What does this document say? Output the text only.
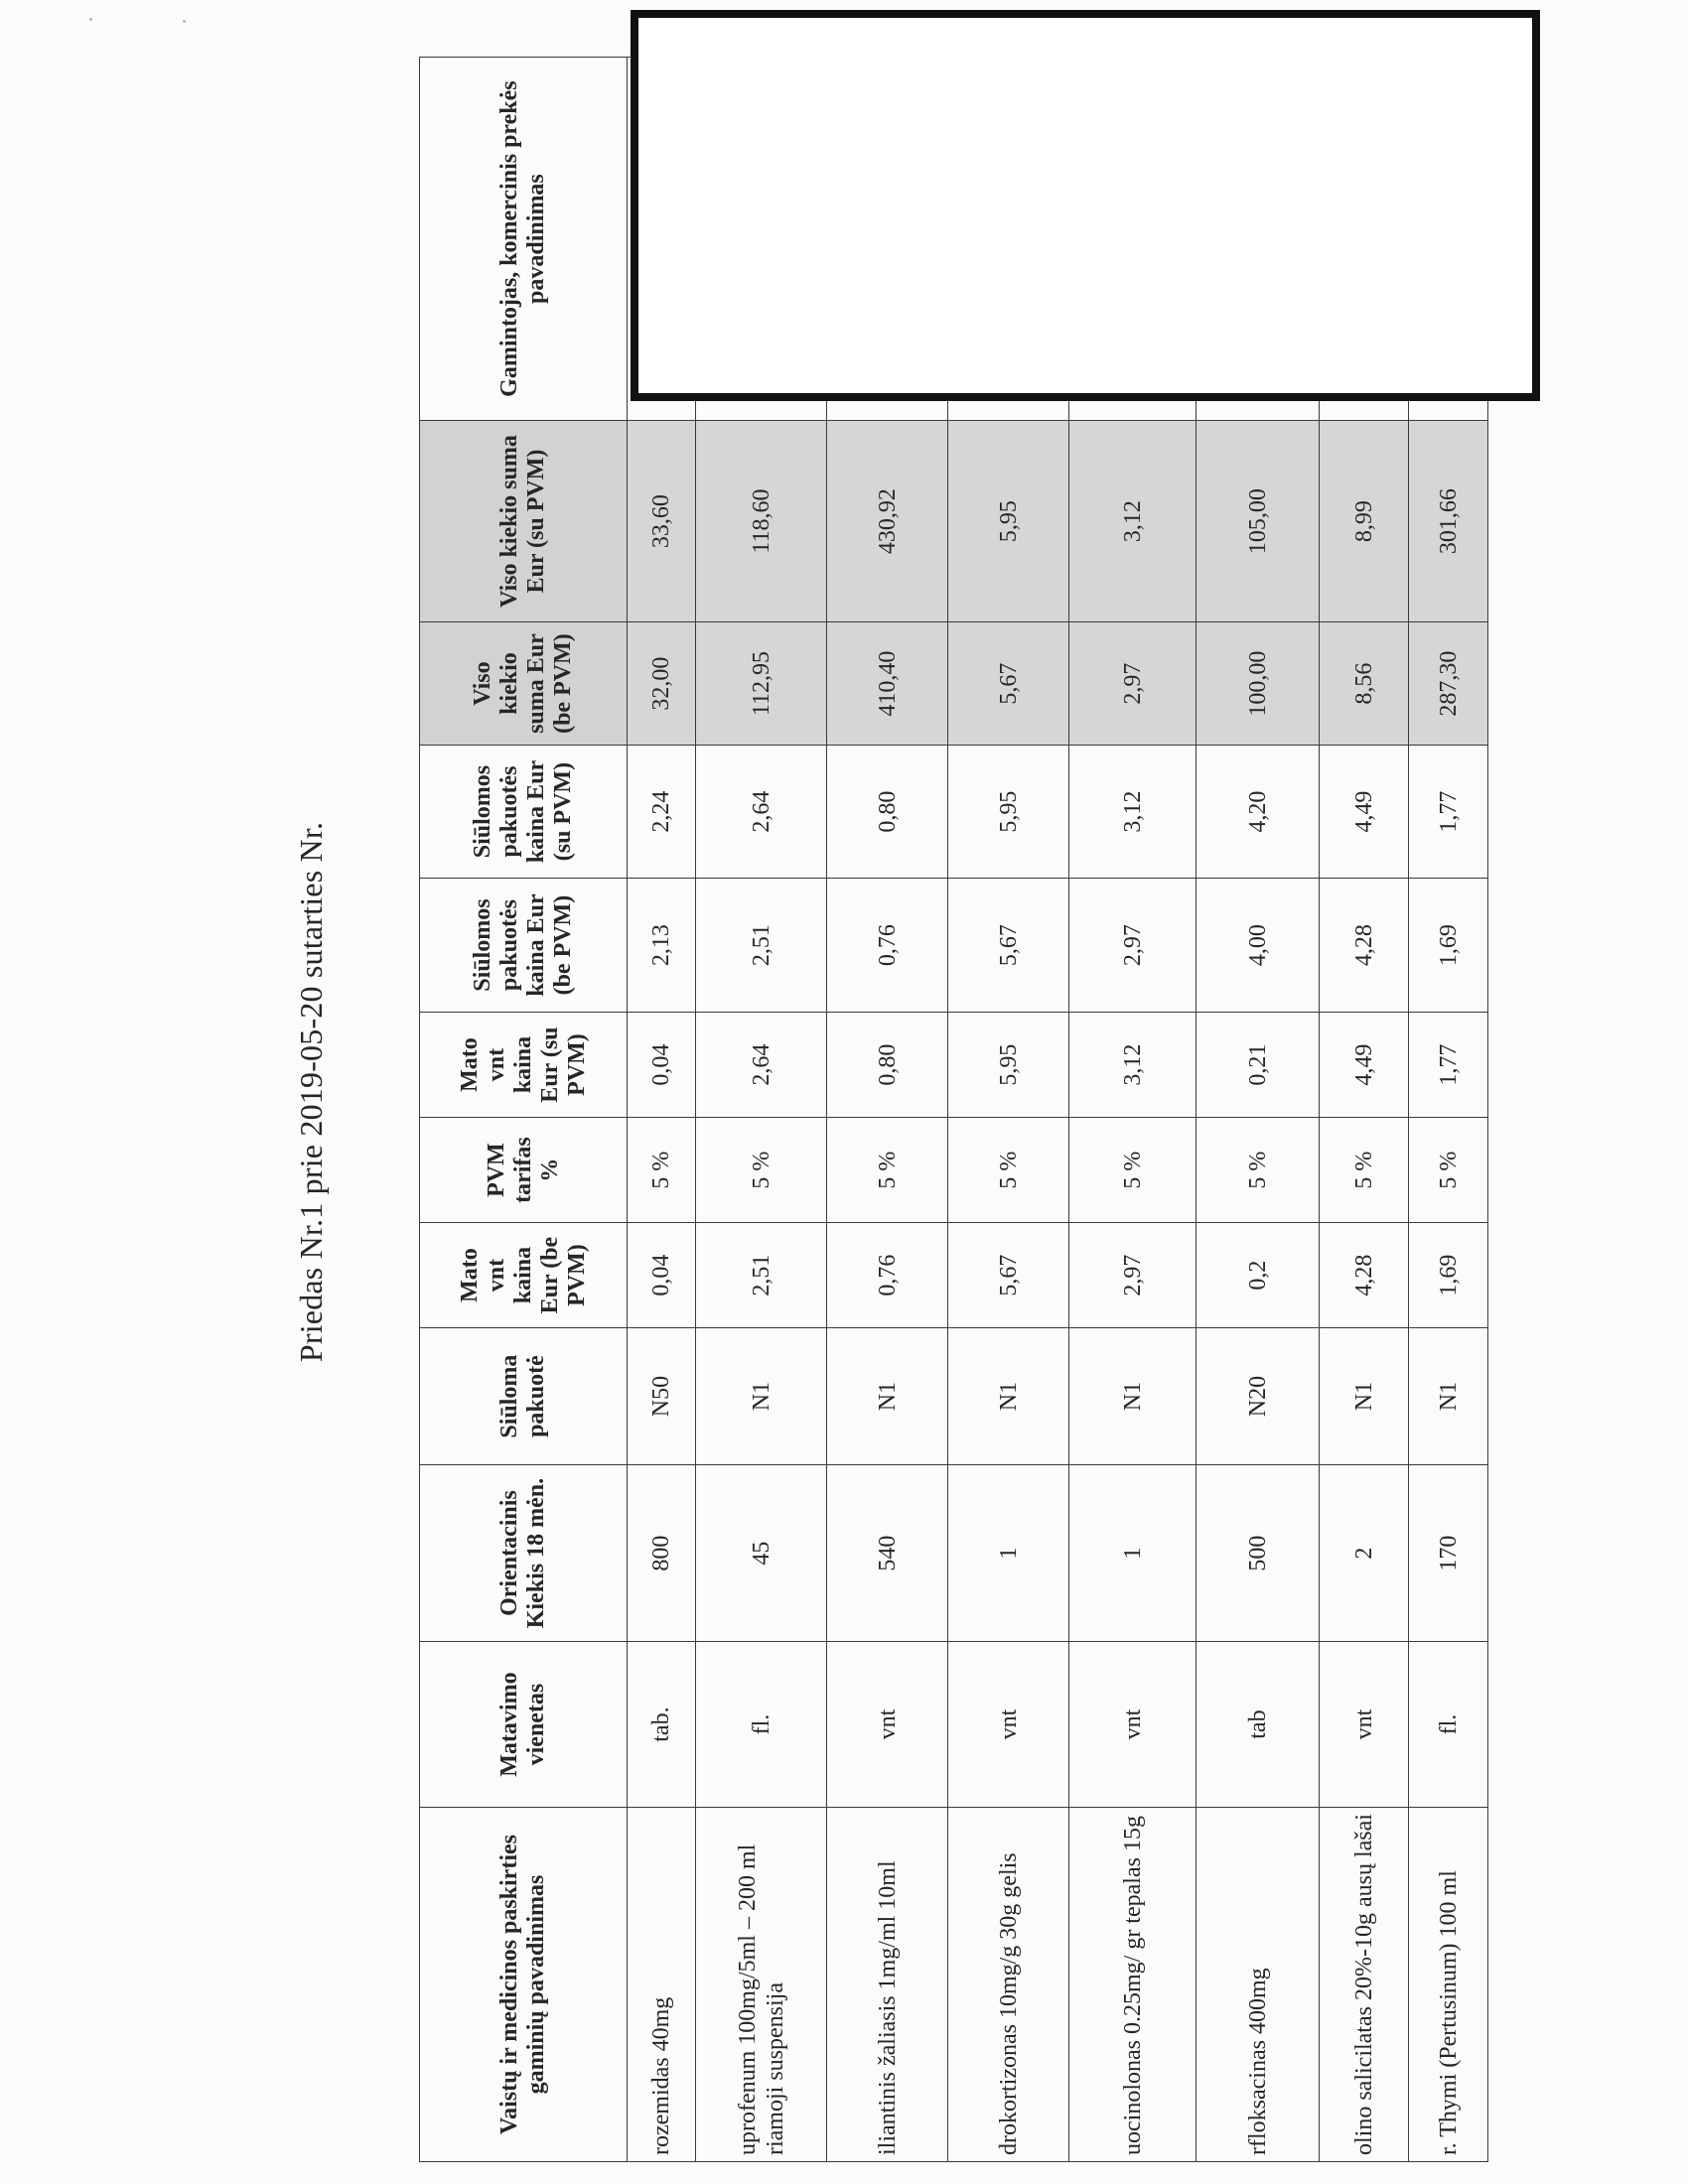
Priedas Nr.1 prie 2019-05-20 sutarties Nr.
Vaistų ir medicinos paskirties gaminių pavadinimas	Matavimo vienetas	Orientacinis Kiekis 18 mėn.	Siūloma pakuotė	Mato vnt kaina Eur (be PVM)	PVM tarifas %	Mato vnt kaina Eur (su PVM)	Siūlomos pakuotės kaina Eur (be PVM)	Siūlomos pakuotės kaina Eur (su PVM)	Viso kiekio suma Eur (be PVM)	Viso kiekio suma Eur (su PVM)	Gamintojas, komercinis prekės pavadinimas

rozemidas 40mg	tab.	800	N50	0,04	5 %	0,04	2,13	2,24	32,00	33,60	

uprofenum 100mg/5ml – 200 ml riamoji suspensija	fl.	45	N1	2,51	5 %	2,64	2,51	2,64	112,95	118,60	

iliantinis žaliasis 1mg/ml 10ml	vnt	540	N1	0,76	5 %	0,80	0,76	0,80	410,40	430,92	

drokortizonas 10mg/g 30g gelis	vnt	1	N1	5,67	5 %	5,95	5,67	5,95	5,67	5,95	

uocinolonas 0.25mg/ gr tepalas 15g	vnt	1	N1	2,97	5 %	3,12	2,97	3,12	2,97	3,12	

rfloksacinas 400mg	tab	500	N20	0,2	5 %	0,21	4,00	4,20	100,00	105,00	

olino salicilatas 20%-10g ausų lašai	vnt	2	N1	4,28	5 %	4,49	4,28	4,49	8,56	8,99	

r. Thymi (Pertusinum) 100 ml	fl.	170	N1	1,69	5 %	1,77	1,69	1,77	287,30	301,66	
